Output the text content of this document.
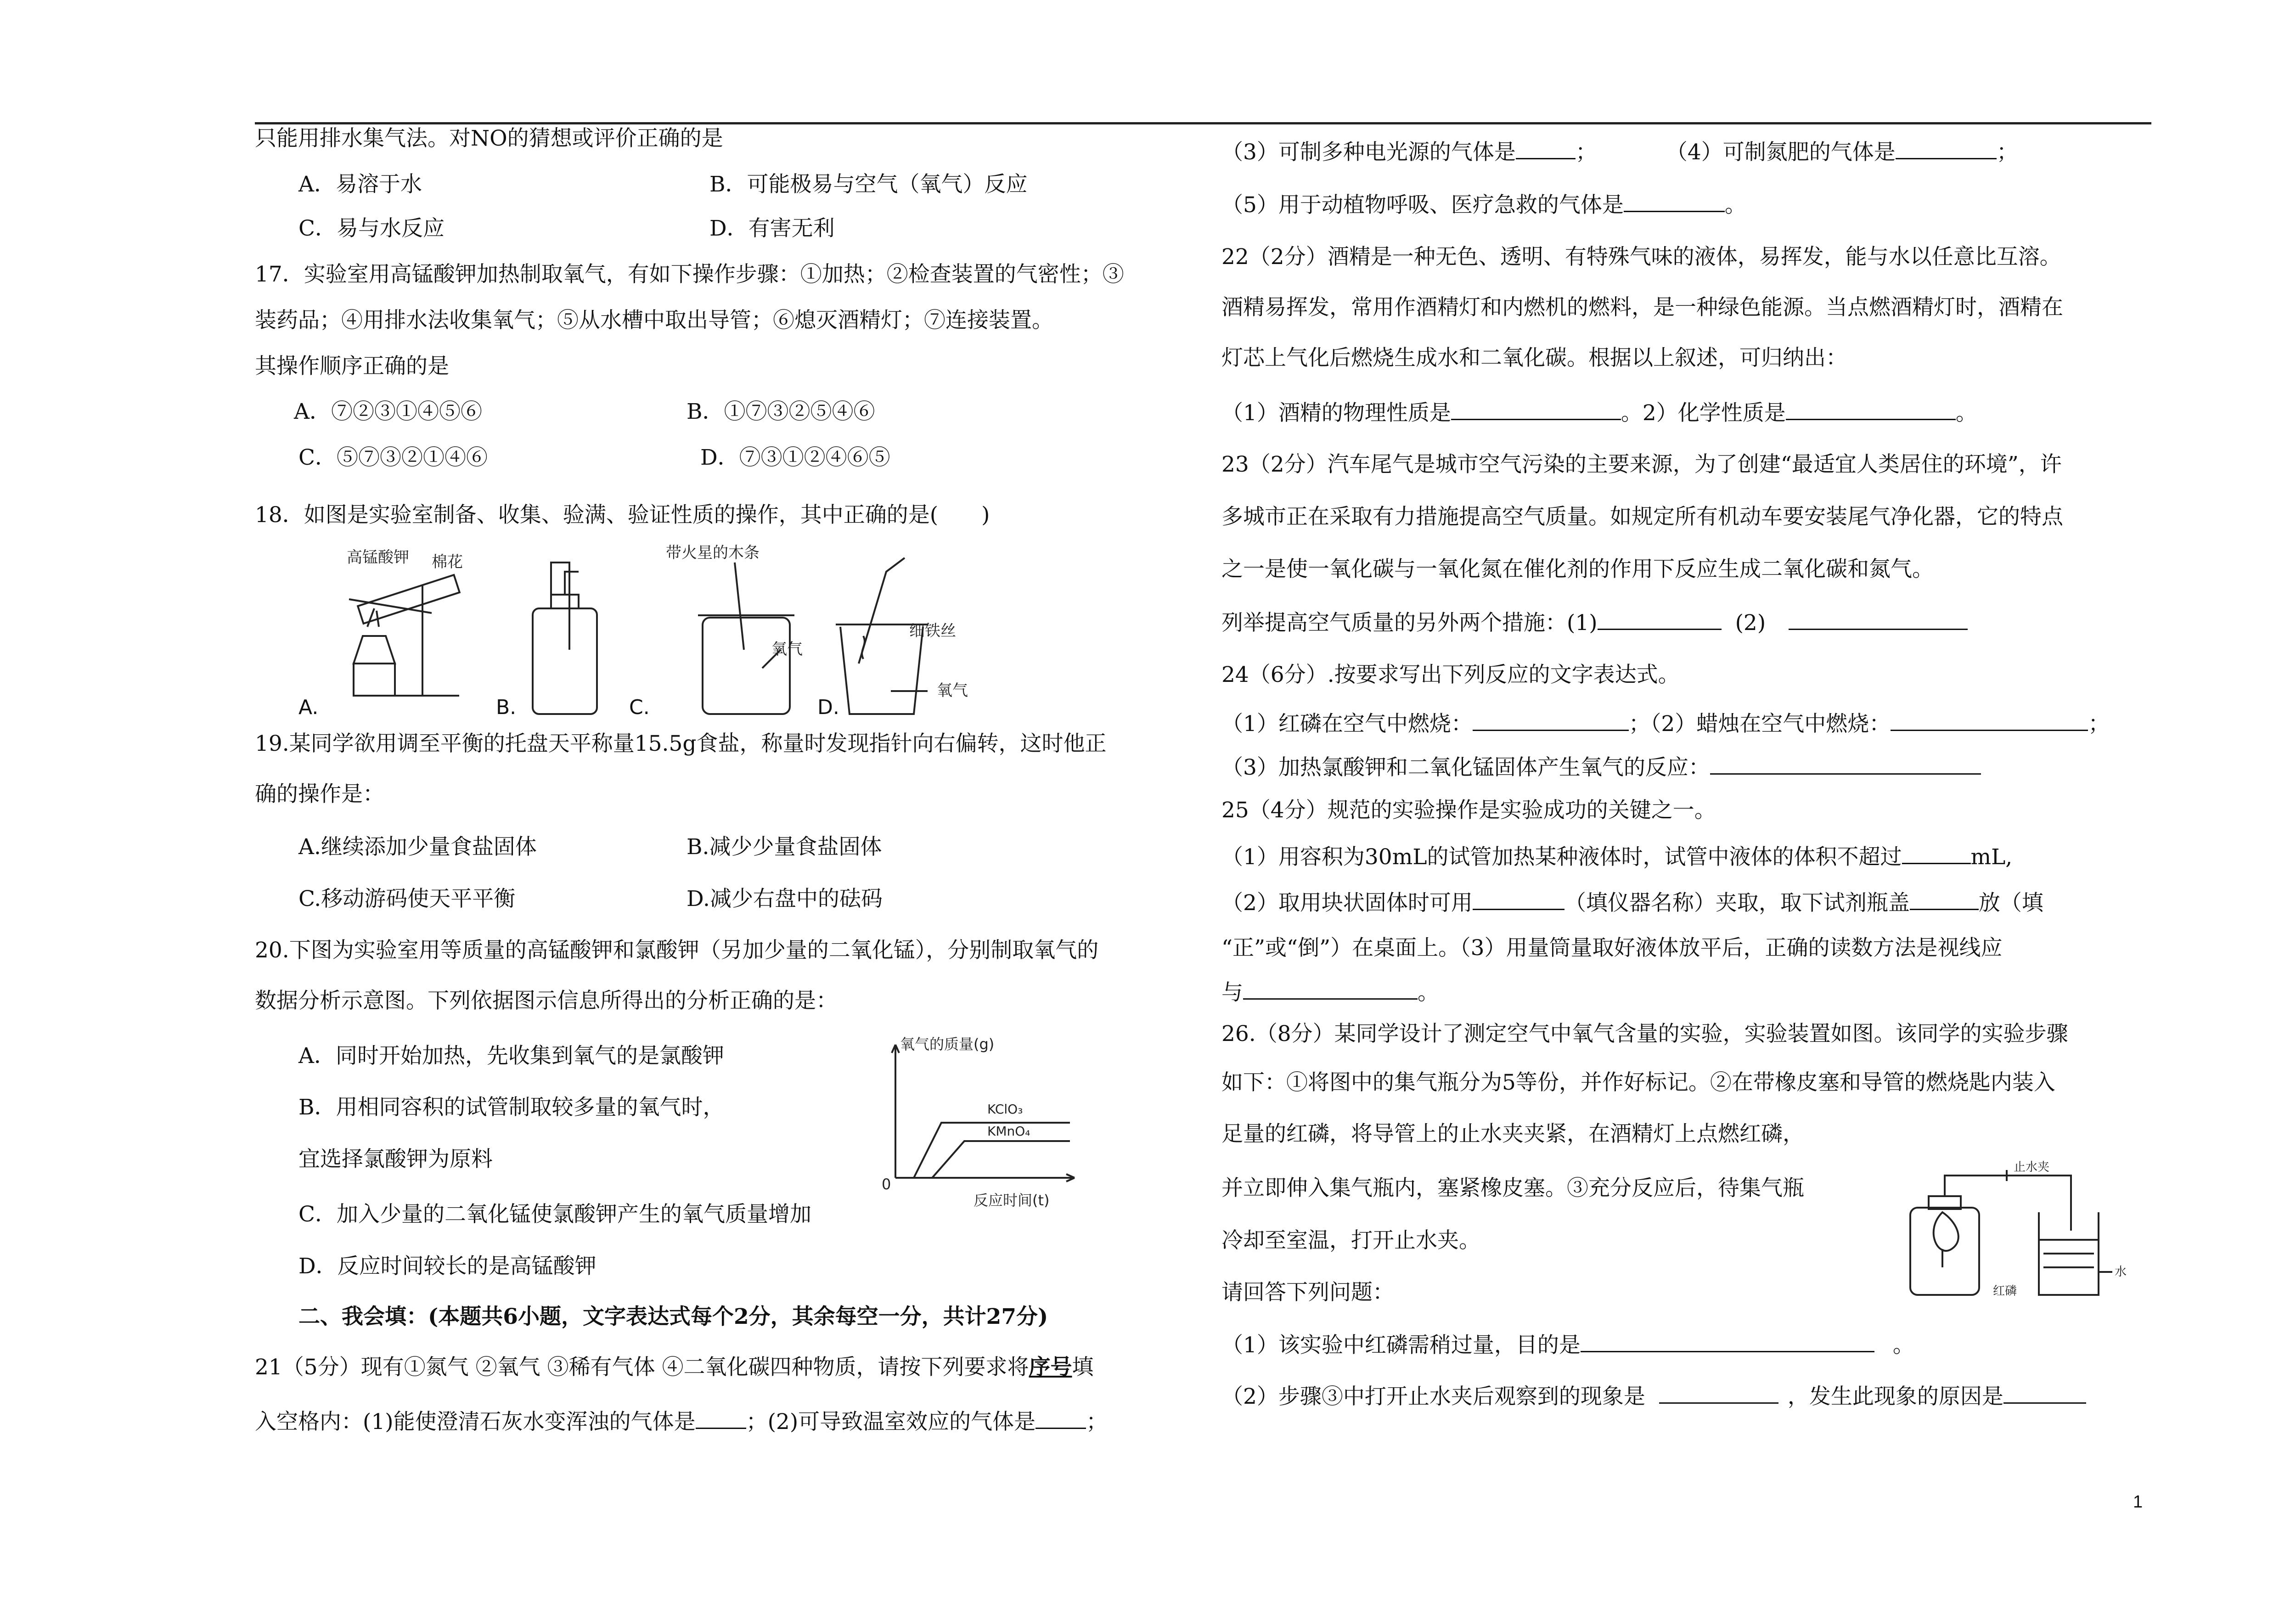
只能用排水集气法。对NO的猜想或评价正确的是
A．易溶于水	B．可能极易与空气（氧气）反应
C．易与水反应	D．有害无利
17．实验室用高锰酸钾加热制取氧气，有如下操作步骤：①加热；②检查装置的气密性；③
装药品；④用排水法收集氧气；⑤从水槽中取出导管；⑥熄灭酒精灯；⑦连接装置。
其操作顺序正确的是
A．⑦②③①④⑤⑥	B．①⑦③②⑤④⑥
C．⑤⑦③②①④⑥	D．⑦③①②④⑥⑤
18．如图是实验室制备、收集、验满、验证性质的操作，其中正确的是(　　)
高锰酸钾 棉花	带火星的木条
氧气
细铁丝
氧气
A.	B.	C.	D.
19.某同学欲用调至平衡的托盘天平称量15.5g食盐，称量时发现指针向右偏转，这时他正
确的操作是：
A.继续添加少量食盐固体	B.减少少量食盐固体
C.移动游码使天平平衡	D.减少右盘中的砝码
20.下图为实验室用等质量的高锰酸钾和氯酸钾（另加少量的二氧化锰），分别制取氧气的
数据分析示意图。下列依据图示信息所得出的分析正确的是：
A．同时开始加热，先收集到氧气的是氯酸钾
B．用相同容积的试管制取较多量的氧气时，
宜选择氯酸钾为原料
C．加入少量的二氧化锰使氯酸钾产生的氧气质量增加
D．反应时间较长的是高锰酸钾
氧气的质量(g)
反应时间(t)
0
KClO₃
KMnO₄
二、我会填：(本题共6小题，文字表达式每个2分，其余每空一分，共计27分)
21（5分）现有①氮气 ②氧气 ③稀有气体 ④二氧化碳四种物质，请按下列要求将序号填
入空格内：(1)能使澄清石灰水变浑浊的气体是 ；(2)可导致温室效应的气体是 ；
（3）可制多种电光源的气体是	；	（4）可制氮肥的气体是	；
（5）用于动植物呼吸、医疗急救的气体是	。
22（2分）酒精是一种无色、透明、有特殊气味的液体，易挥发，能与水以任意比互溶。
酒精易挥发，常用作酒精灯和内燃机的燃料，是一种绿色能源。当点燃酒精灯时，酒精在
灯芯上气化后燃烧生成水和二氧化碳。根据以上叙述，可归纳出：
（1）酒精的物理性质是	。2）化学性质是	。
23（2分）汽车尾气是城市空气污染的主要来源，为了创建“最适宜人类居住的环境”，许
多城市正在采取有力措施提高空气质量。如规定所有机动车要安装尾气净化器，它的特点
之一是使一氧化碳与一氧化氮在催化剂的作用下反应生成二氧化碳和氮气。
列举提高空气质量的另外两个措施：(1)	(2)
24（6分）.按要求写出下列反应的文字表达式。
（1）红磷在空气中燃烧：	；（2）蜡烛在空气中燃烧：	；
（3）加热氯酸钾和二氧化锰固体产生氧气的反应：
25（4分）规范的实验操作是实验成功的关键之一。
（1）用容积为30mL的试管加热某种液体时，试管中液体的体积不超过	mL,
（2）取用块状固体时可用	（填仪器名称）夹取，取下试剂瓶盖	放（填
“正”或“倒”）在桌面上。（3）用量筒量取好液体放平后，正确的读数方法是视线应
与	。
26.（8分）某同学设计了测定空气中氧气含量的实验，实验装置如图。该同学的实验步骤
如下：①将图中的集气瓶分为5等份，并作好标记。②在带橡皮塞和导管的燃烧匙内装入
足量的红磷，将导管上的止水夹夹紧，在酒精灯上点燃红磷，
并立即伸入集气瓶内，塞紧橡皮塞。③充分反应后，待集气瓶
冷却至室温，打开止水夹。
请回答下列问题：
（1）该实验中红磷需稍过量，目的是	。
（2）步骤③中打开止水夹后观察到的现象是	，发生此现象的原因是
止水夹
红磷
水
1
